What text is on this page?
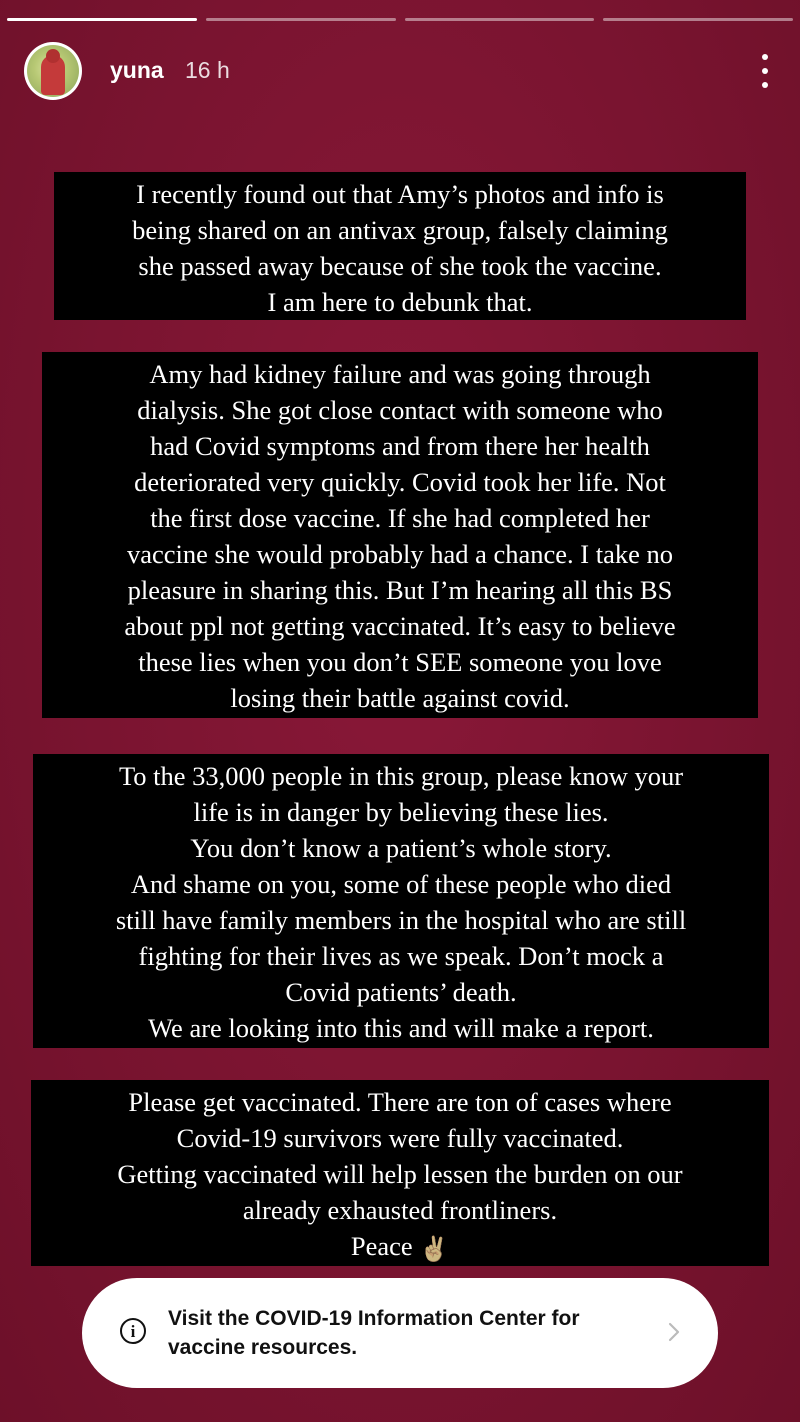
yuna 16 h
I recently found out that Amy’s photos and info is
being shared on an antivax group, falsely claiming
she passed away because of she took the vaccine.
I am here to debunk that.
Amy had kidney failure and was going through
dialysis. She got close contact with someone who
had Covid symptoms and from there her health
deteriorated very quickly. Covid took her life. Not
the first dose vaccine. If she had completed her
vaccine she would probably had a chance. I take no
pleasure in sharing this. But I’m hearing all this BS
about ppl not getting vaccinated. It’s easy to believe
these lies when you don’t SEE someone you love
losing their battle against covid.
To the 33,000 people in this group, please know your
life is in danger by believing these lies.
You don’t know a patient’s whole story.
And shame on you, some of these people who died
still have family members in the hospital who are still
fighting for their lives as we speak. Don’t mock a
Covid patients’ death.
We are looking into this and will make a report.
Please get vaccinated. There are ton of cases where
Covid-19 survivors were fully vaccinated.
Getting vaccinated will help lessen the burden on our
already exhausted frontliners.
Peace ✌
i
Visit the COVID-19 Information Center for
vaccine resources.
